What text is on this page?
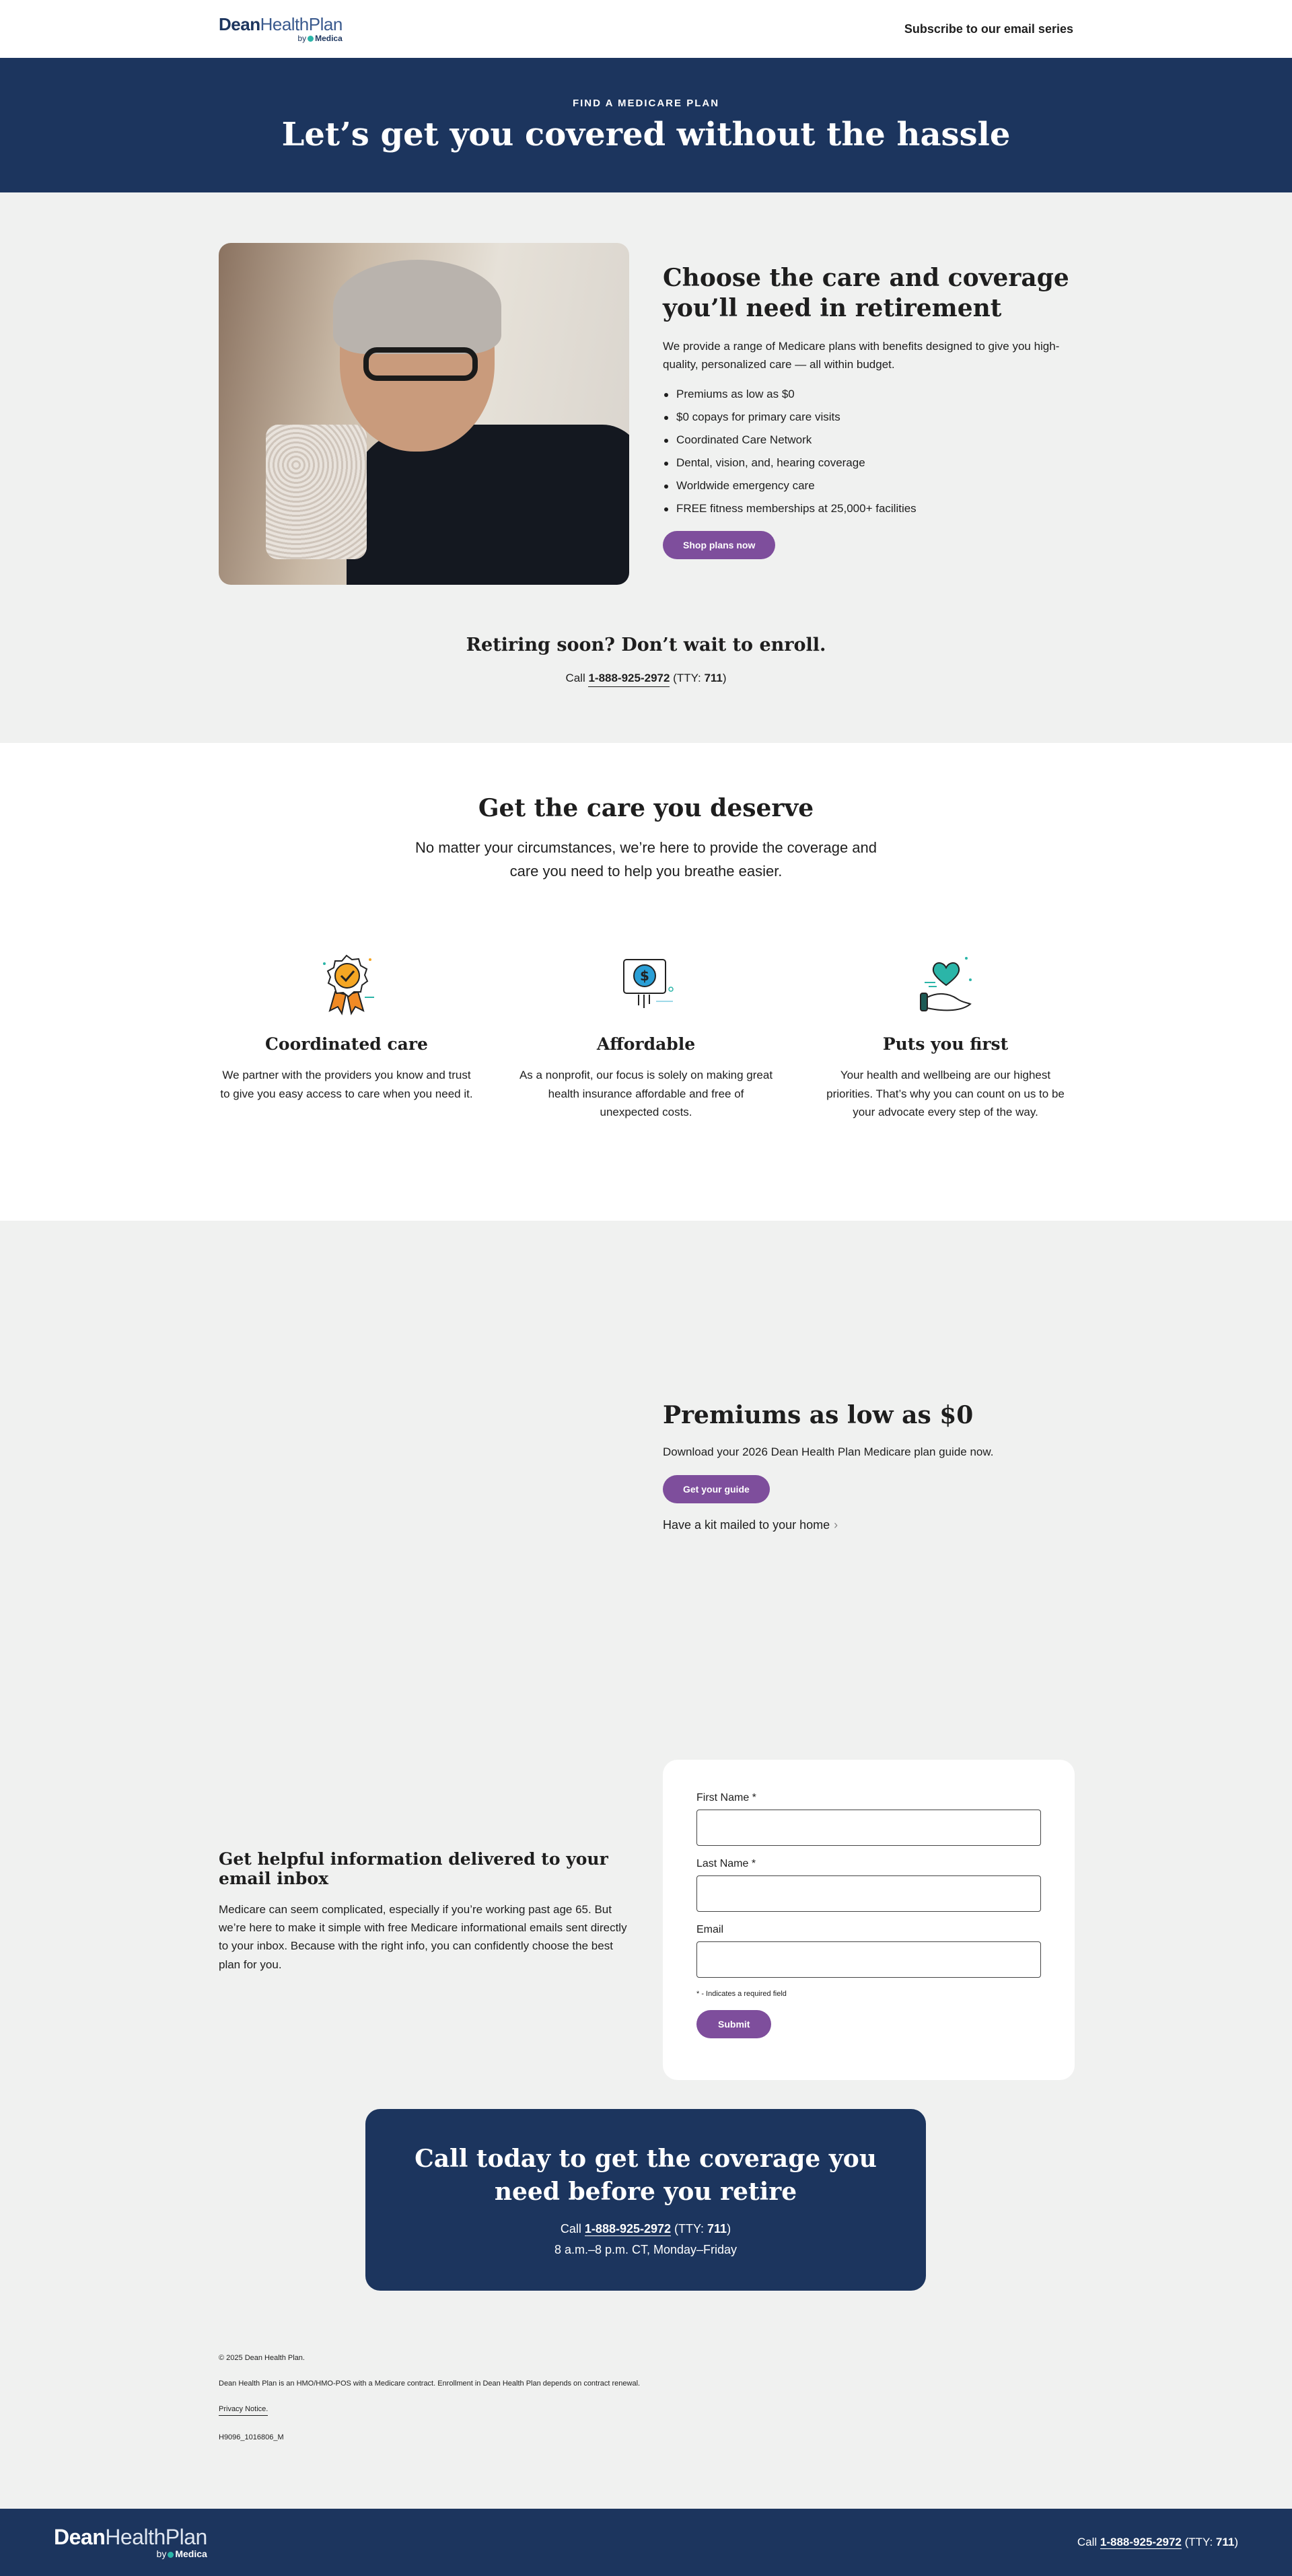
DeanHealthPlan
by Medica
Subscribe to our email series
FIND A MEDICARE PLAN
Let’s get you covered without the hassle
Choose the care and coverage you’ll need in retirement

We provide a range of Medicare plans with benefits designed to give you high-quality, personalized care — all within budget.

Premiums as low as $0
$0 copays for primary care visits
Coordinated Care Network
Dental, vision, and, hearing coverage
Worldwide emergency care
FREE fitness memberships at 25,000+ facilities
Shop plans now
Retiring soon? Don’t wait to enroll.
Call 1-888-925-2972 (TTY: 711)
Get the care you deserve

No matter your circumstances, we’re here to provide the coverage and care you need to help you breathe easier.

Coordinated care

We partner with the providers you know and trust to give you easy access to care when you need it.

$
Affordable

As a nonprofit, our focus is solely on making great health insurance affordable and free of unexpected costs.

Puts you first

Your health and wellbeing are our highest priorities. That’s why you can count on us to be your advocate every step of the way.

Premiums as low as $0

Download your 2026 Dean Health Plan Medicare plan guide now.

Get your guide
Have a kit mailed to your home ›
Get helpful information delivered to your email inbox

Medicare can seem complicated, especially if you’re working past age 65. But we’re here to make it simple with free Medicare informational emails sent directly to your inbox. Because with the right info, you can confidently choose the best plan for you.

First Name *
Last Name *
Email
* - Indicates a required field
Submit
Call today to get the coverage you need before you retire
Call 1-888-925-2972 (TTY: 711)
8 a.m.–8 p.m. CT, Monday–Friday
© 2025 Dean Health Plan.
Dean Health Plan is an HMO/HMO-POS with a Medicare contract. Enrollment in Dean Health Plan depends on contract renewal.
Privacy Notice.
H9096_1016806_M
DeanHealthPlan
by Medica
Call 1-888-925-2972 (TTY: 711)
